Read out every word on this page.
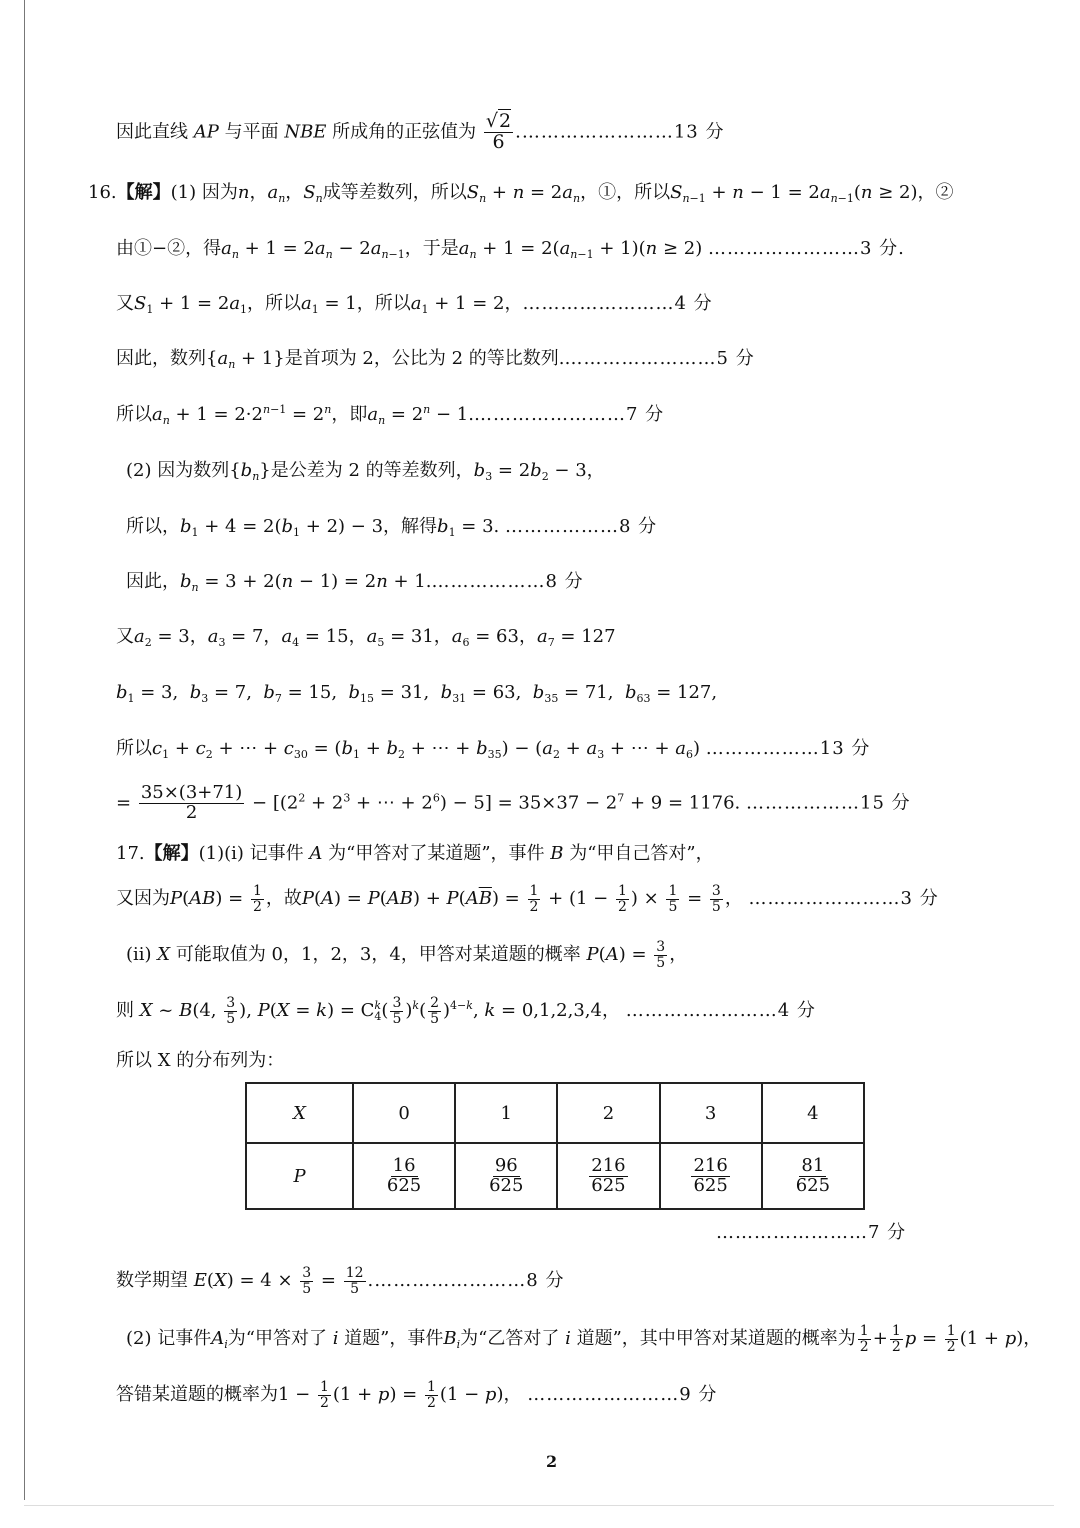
因此直线 AP 与平面 NBE 所成角的正弦值为 $\frac{√2}{6}$ .……………………13 分
16.【解】(1) 因为n，$a_n$，$S_n$成等差数列，所以$S_n + n = 2a_n$，①，所以$S_{n-1} + n - 1 = 2a_{n-1}(n \ge 2)$，②
由①−②，得$a_n + 1 = 2a_n - 2a_{n-1}$，于是$a_n + 1 = 2(a_{n-1} + 1)(n \ge 2)$ ……………………3 分.
又$S_1 + 1 = 2a_1$，所以$a_1 = 1$，所以$a_1 + 1 = 2$，……………………4 分
因此，数列$\{a_n + 1\}$是首项为 2，公比为 2 的等比数列.……………………5 分
所以$a_n + 1 = 2\cdot 2^{n-1} = 2^n$，即$a_n = 2^n$ − 1.……………………7 分
(2) 因为数列$\{b_n\}$是公差为 2 的等差数列，$b_3 = 2b_2 - 3$，
所以，$b_1 + 4 = 2(b_1 + 2) - 3$，解得$b_1 = 3$. ………………8 分
因此，$b_n = 3 + 2(n - 1) = 2n$ + 1.………………8 分
又$a_2 = 3$，$a_3 = 7$，$a_4 = 15$，$a_5 = 31$，$a_6 = 63$，$a_7 = 127$
$b_1 = 3$,  $b_3 = 7$,  $b_7 = 15$,  $b_{15} = 31$,  $b_{31} = 63$,  $b_{35} = 71$,  $b_{63} = 127$,
所以$c_1 + c_2$ + ⋯ + $c_{30} = (b_1 + b_2$ + ⋯ + $b_{35}) - (a_2 + a_3$ + ⋯ + $a_6$) ………………13 分
= $\frac{35\times(3+71)}{2} - [(2^2 + 2^3$ + ⋯ + $2^6) - 5] = 35\times 37 - 2^7 + 9 = 1176$. ………………15 分
17.【解】(1)(i) 记事件 A 为“甲答对了某道题”，事件 B 为“甲自己答对”，
又因为$P(AB) = \frac{1}{2}$ ，故$P(A) = P(AB) + P(A\overline{B}) = \frac{1}{2} + (1 - \frac{1}{2}$ ) × $\frac{1}{5} = \frac{3}{5}$ ， ……………………3 分
(ii) X 可能取值为 0，1，2，3，4，甲答对某道题的概率 $P(A) = \frac{3}{5}$ ，
则 X ~ B(4, $\frac{3}{5}$ ), P(X = k) = C k
4 ( $\frac{3}{5} )^k( \frac{2}{5} )^{4-k}$, k = 0,1,2,3,4， ……………………4 分
所以 X 的分布列为：
X	0	1	2	3	4
P	$\frac{16}{625}$	$\frac{96}{625}$	$\frac{216}{625}$	$\frac{216}{625}$	$\frac{81}{625}$
……………………7 分
数学期望 $E(X) = 4 \times \frac{3}{5} = \frac{12}{5}$ .……………………8 分
(2) 记事件$A_i$为“甲答对了 i 道题”，事件$B_i$为“乙答对了 i 道题”，其中甲答对某道题的概率为 $\frac{1}{2} + \frac{1}{2}$ $p = \frac{1}{2} (1 + p)$，
答错某道题的概率为$1 - \frac{1}{2} (1 + p) = \frac{1}{2} (1 - p)$， ……………………9 分
2
